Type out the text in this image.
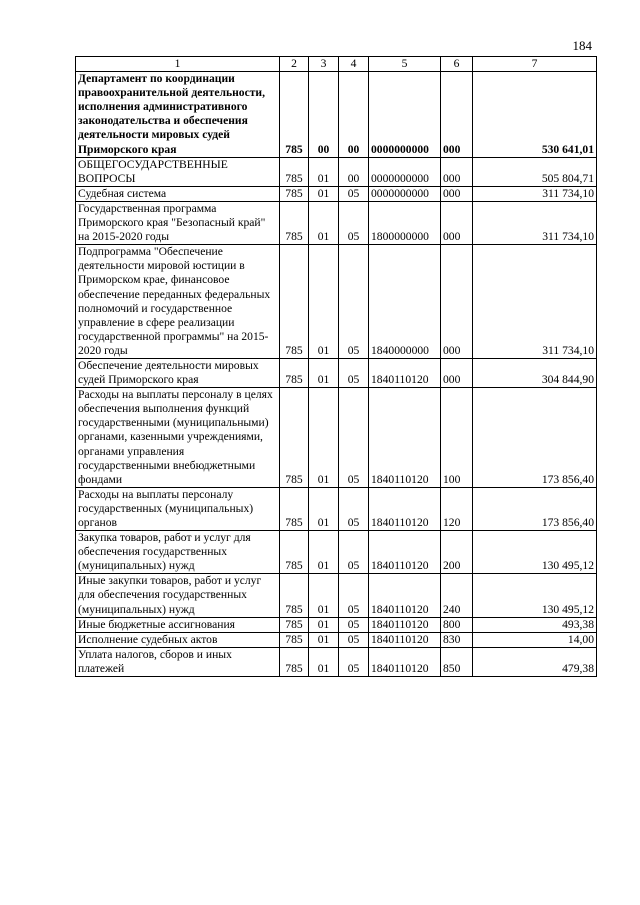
184
1	2	3	4	5	6	7
Департамент по координации правоохранительной деятельности, исполнения административного законодательства и обеспечения деятельности мировых судей Приморского края	785	00	00	0000000000	000	530 641,01
ОБЩЕГОСУДАРСТВЕННЫЕ ВОПРОСЫ	785	01	00	0000000000	000	505 804,71
Судебная система	785	01	05	0000000000	000	311 734,10
Государственная программа Приморского края "Безопасный край" на 2015-2020 годы	785	01	05	1800000000	000	311 734,10
Подпрограмма "Обеспечение деятельности мировой юстиции в Приморском крае, финансовое обеспечение переданных федеральных полномочий и государственное управление в сфере реализации государственной программы" на 2015-2020 годы	785	01	05	1840000000	000	311 734,10
Обеспечение деятельности мировых судей Приморского края	785	01	05	1840110120	000	304 844,90
Расходы на выплаты персоналу в целях обеспечения выполнения функций государственными (муниципальными) органами, казенными учреждениями, органами управления государственными внебюджетными фондами	785	01	05	1840110120	100	173 856,40
Расходы на выплаты персоналу государственных (муниципальных) органов	785	01	05	1840110120	120	173 856,40
Закупка товаров, работ и услуг для обеспечения государственных (муниципальных) нужд	785	01	05	1840110120	200	130 495,12
Иные закупки товаров, работ и услуг для обеспечения государственных (муниципальных) нужд	785	01	05	1840110120	240	130 495,12
Иные бюджетные ассигнования	785	01	05	1840110120	800	493,38
Исполнение судебных актов	785	01	05	1840110120	830	14,00
Уплата налогов, сборов и иных платежей	785	01	05	1840110120	850	479,38
